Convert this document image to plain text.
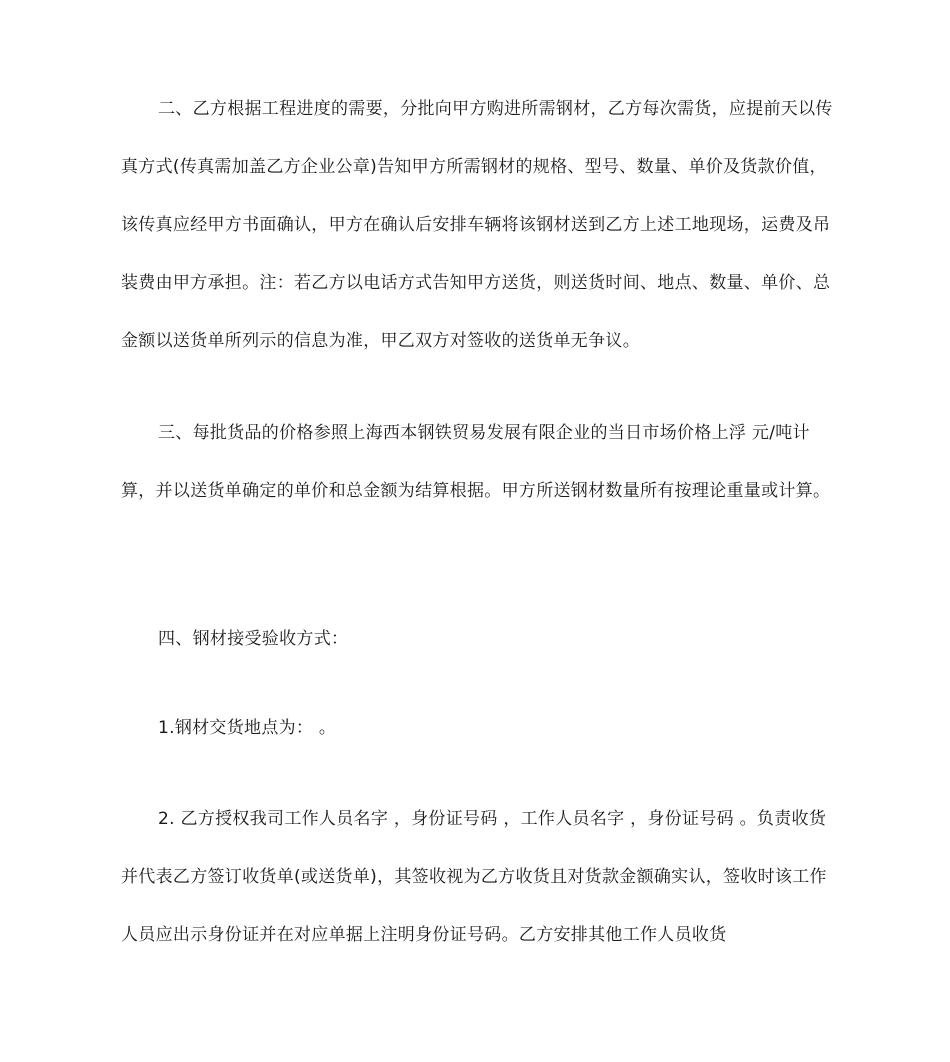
二、乙方根据工程进度的需要，分批向甲方购进所需钢材，乙方每次需货，应提前天以传真方式(传真需加盖乙方企业公章)告知甲方所需钢材的规格、型号、数量、单价及货款价值，该传真应经甲方书面确认，甲方在确认后安排车辆将该钢材送到乙方上述工地现场，运费及吊装费由甲方承担。注：若乙方以电话方式告知甲方送货，则送货时间、地点、数量、单价、总金额以送货单所列示的信息为准，甲乙双方对签收的送货单无争议。

三、每批货品的价格参照上海西本钢铁贸易发展有限企业的当日市场价格上浮 元/吨计算，并以送货单确定的单价和总金额为结算根据。甲方所送钢材数量所有按理论重量或计算。

四、钢材接受验收方式：

1.钢材交货地点为： 。

2. 乙方授权我司工作人员名字 ，身份证号码 ，工作人员名字 ，身份证号码 。负责收货并代表乙方签订收货单(或送货单)，其签收视为乙方收货且对货款金额确实认，签收时该工作人员应出示身份证并在对应单据上注明身份证号码。乙方安排其他工作人员收货
